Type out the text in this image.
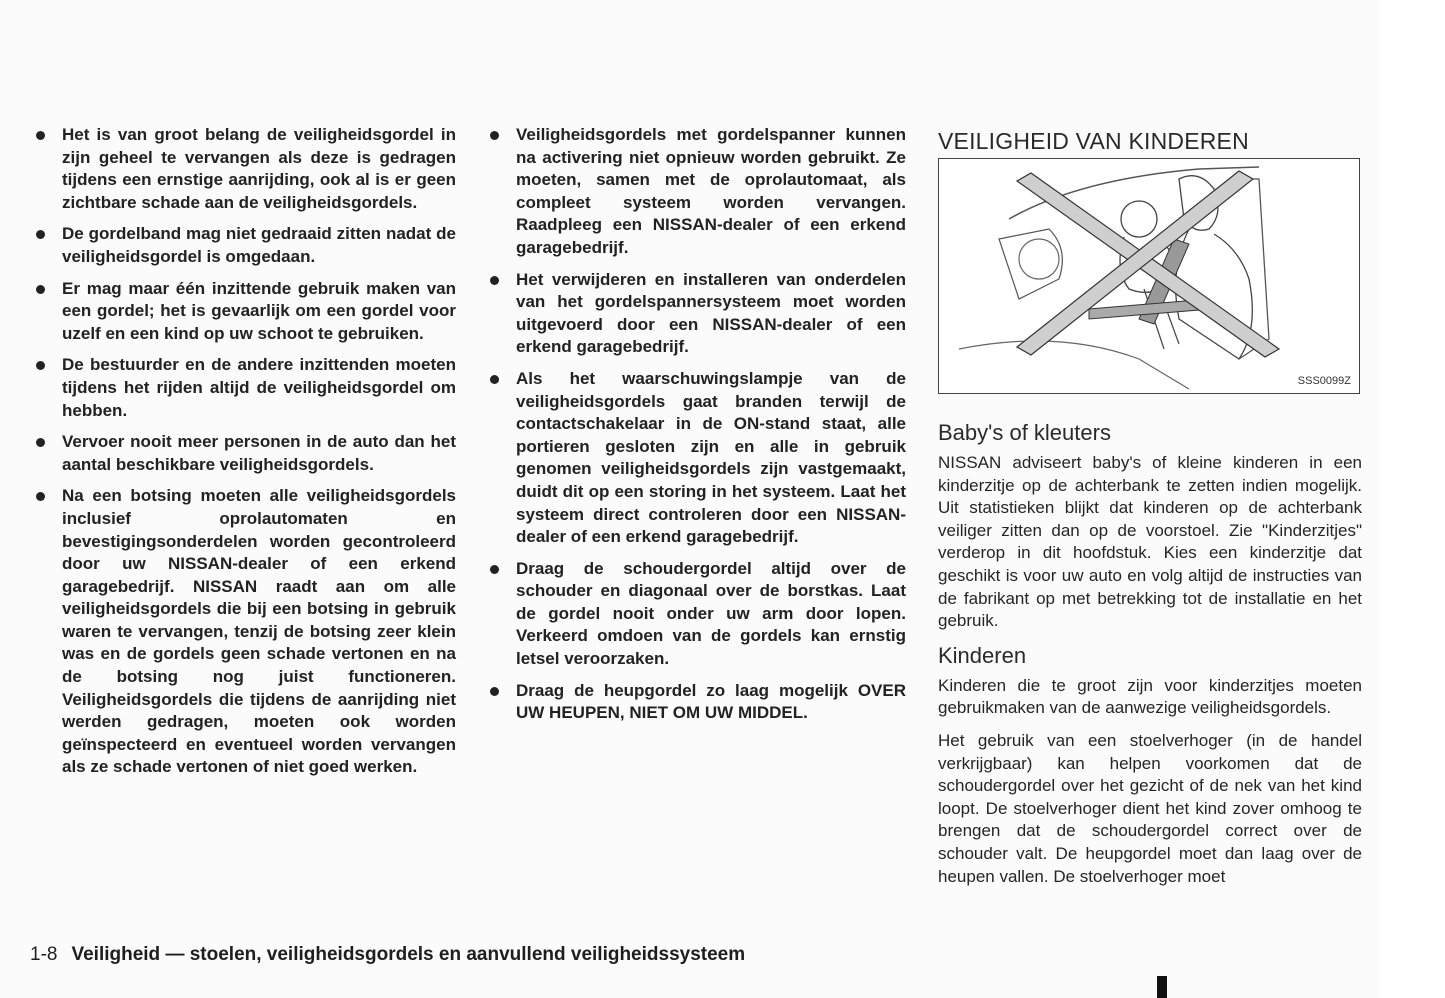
Het is van groot belang de veiligheidsgordel in zijn geheel te vervangen als deze is gedragen tijdens een ernstige aanrijding, ook al is er geen zichtbare schade aan de veiligheidsgordels.
De gordelband mag niet gedraaid zitten nadat de veiligheidsgordel is omgedaan.
Er mag maar één inzittende gebruik maken van een gordel; het is gevaarlijk om een gordel voor uzelf en een kind op uw schoot te gebruiken.
De bestuurder en de andere inzittenden moeten tijdens het rijden altijd de veiligheidsgordel om hebben.
Vervoer nooit meer personen in de auto dan het aantal beschikbare veiligheidsgordels.
Na een botsing moeten alle veiligheidsgordels inclusief oprolautomaten en bevestigingsonderdelen worden gecontroleerd door uw NISSAN-dealer of een erkend garagebedrijf. NISSAN raadt aan om alle veiligheidsgordels die bij een botsing in gebruik waren te vervangen, tenzij de botsing zeer klein was en de gordels geen schade vertonen en na de botsing nog juist functioneren. Veiligheidsgordels die tijdens de aanrijding niet werden gedragen, moeten ook worden geïnspecteerd en eventueel worden vervangen als ze schade vertonen of niet goed werken.
Veiligheidsgordels met gordelspanner kunnen na activering niet opnieuw worden gebruikt. Ze moeten, samen met de oprolautomaat, als compleet systeem worden vervangen. Raadpleeg een NISSAN-dealer of een erkend garagebedrijf.
Het verwijderen en installeren van onderdelen van het gordelspannersysteem moet worden uitgevoerd door een NISSAN-dealer of een erkend garagebedrijf.
Als het waarschuwingslampje van de veiligheidsgordels gaat branden terwijl de contactschakelaar in de ON-stand staat, alle portieren gesloten zijn en alle in gebruik genomen veiligheidsgordels zijn vastgemaakt, duidt dit op een storing in het systeem. Laat het systeem direct controleren door een NISSAN-dealer of een erkend garagebedrijf.
Draag de schoudergordel altijd over de schouder en diagonaal over de borstkas. Laat de gordel nooit onder uw arm door lopen. Verkeerd omdoen van de gordels kan ernstig letsel veroorzaken.
Draag de heupgordel zo laag mogelijk OVER UW HEUPEN, NIET OM UW MIDDEL.
VEILIGHEID VAN KINDEREN
SSS0099Z
Baby's of kleuters

NISSAN adviseert baby's of kleine kinderen in een kinderzitje op de achterbank te zetten indien mogelijk. Uit statistieken blijkt dat kinderen op de achterbank veiliger zitten dan op de voorstoel. Zie "Kinderzitjes" verderop in dit hoofdstuk. Kies een kinderzitje dat geschikt is voor uw auto en volg altijd de instructies van de fabrikant op met betrekking tot de installatie en het gebruik.

Kinderen

Kinderen die te groot zijn voor kinderzitjes moeten gebruikmaken van de aanwezige veiligheidsgordels.

Het gebruik van een stoelverhoger (in de handel verkrijgbaar) kan helpen voorkomen dat de schoudergordel over het gezicht of de nek van het kind loopt. De stoelverhoger dient het kind zover omhoog te brengen dat de schoudergordel correct over de schouder valt. De heupgordel moet dan laag over de heupen vallen. De stoelverhoger moet

1-8 Veiligheid — stoelen, veiligheidsgordels en aanvullend veiligheidssysteem
